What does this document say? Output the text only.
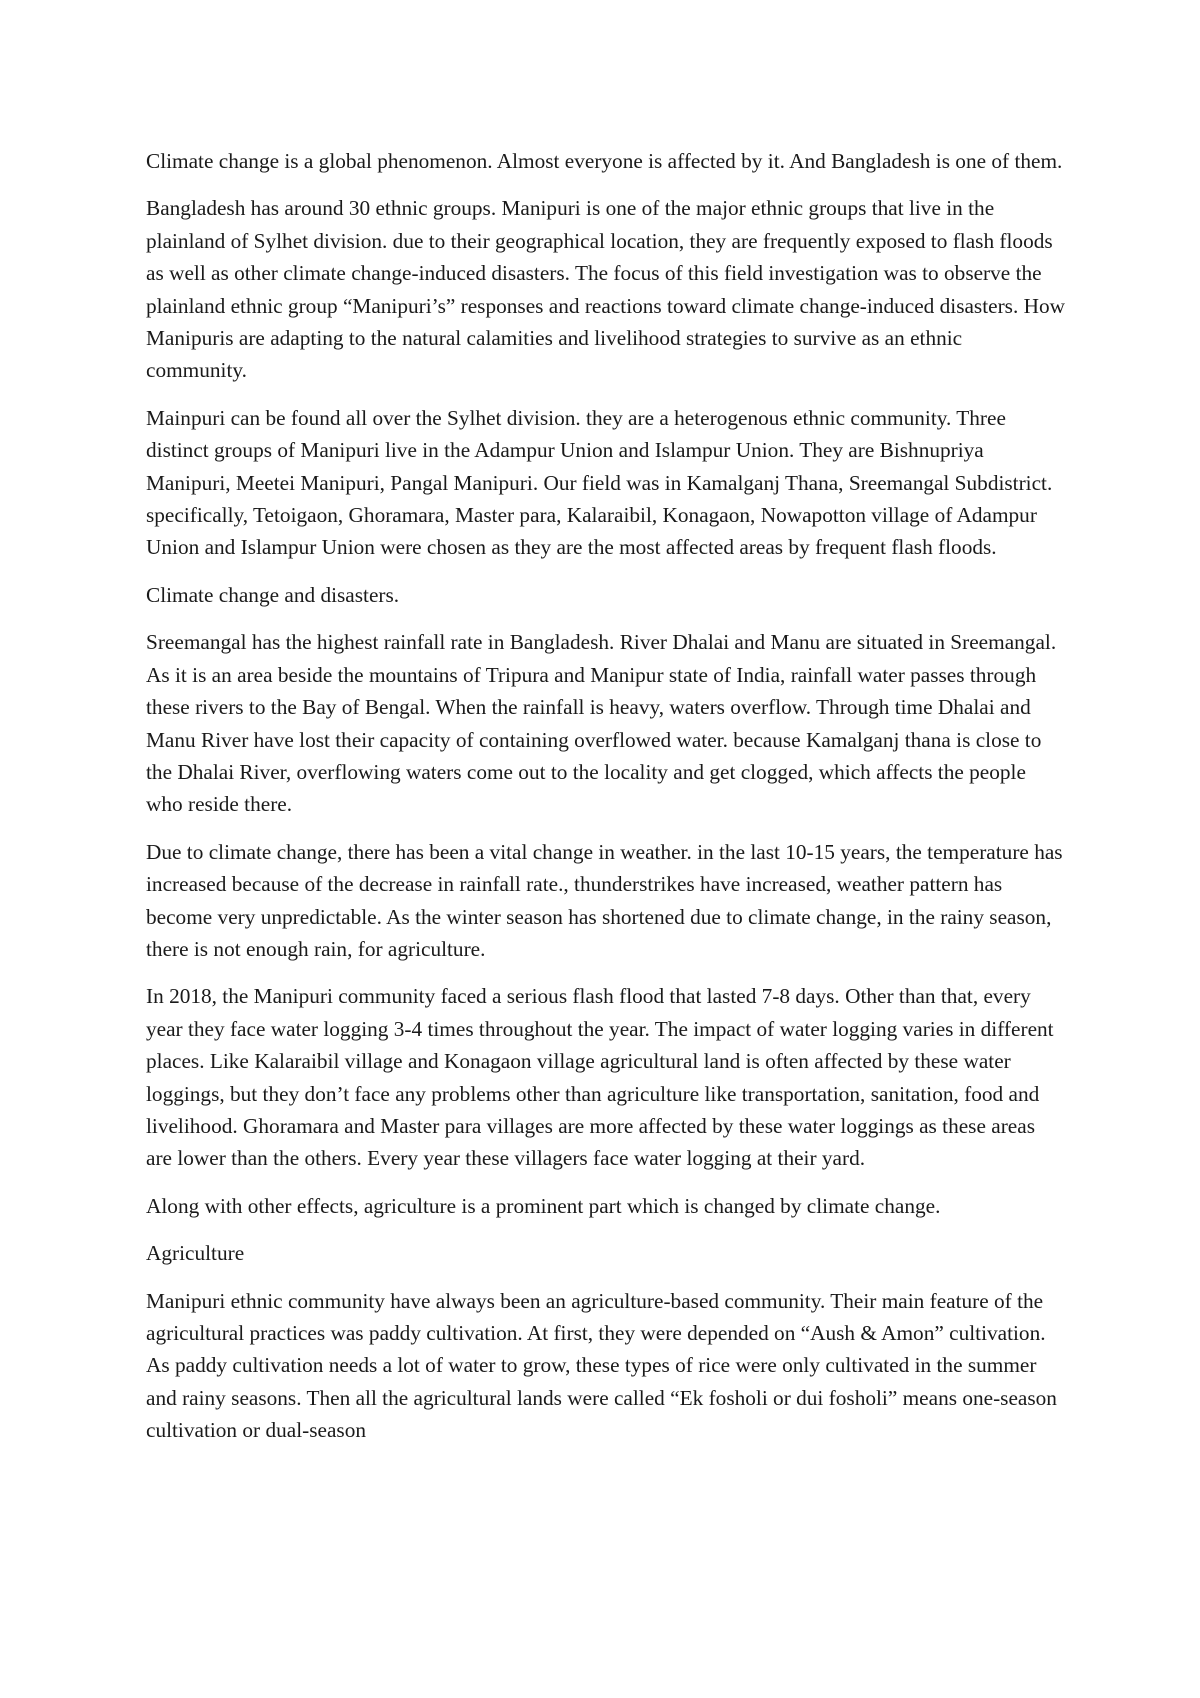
Climate change is a global phenomenon. Almost everyone is affected by it. And Bangladesh is one of them.

Bangladesh has around 30 ethnic groups. Manipuri is one of the major ethnic groups that live in the plainland of Sylhet division. due to their geographical location, they are frequently exposed to flash floods as well as other climate change-induced disasters. The focus of this field investigation was to observe the plainland ethnic group “Manipuri’s” responses and reactions toward climate change-induced disasters. How Manipuris are adapting to the natural calamities and livelihood strategies to survive as an ethnic community.

Mainpuri can be found all over the Sylhet division. they are a heterogenous ethnic community. Three distinct groups of Manipuri live in the Adampur Union and Islampur Union. They are Bishnupriya Manipuri, Meetei Manipuri, Pangal Manipuri. Our field was in Kamalganj Thana, Sreemangal Subdistrict. specifically, Tetoigaon, Ghoramara, Master para, Kalaraibil, Konagaon, Nowapotton village of Adampur Union and Islampur Union were chosen as they are the most affected areas by frequent flash floods.

Climate change and disasters.

Sreemangal has the highest rainfall rate in Bangladesh. River Dhalai and Manu are situated in Sreemangal. As it is an area beside the mountains of Tripura and Manipur state of India, rainfall water passes through these rivers to the Bay of Bengal. When the rainfall is heavy, waters overflow. Through time Dhalai and Manu River have lost their capacity of containing overflowed water. because Kamalganj thana is close to the Dhalai River, overflowing waters come out to the locality and get clogged, which affects the people who reside there.

Due to climate change, there has been a vital change in weather. in the last 10-15 years, the temperature has increased because of the decrease in rainfall rate., thunderstrikes have increased, weather pattern has become very unpredictable. As the winter season has shortened due to climate change, in the rainy season, there is not enough rain, for agriculture.

In 2018, the Manipuri community faced a serious flash flood that lasted 7-8 days. Other than that, every year they face water logging 3-4 times throughout the year. The impact of water logging varies in different places. Like Kalaraibil village and Konagaon village agricultural land is often affected by these water loggings, but they don’t face any problems other than agriculture like transportation, sanitation, food and livelihood. Ghoramara and Master para villages are more affected by these water loggings as these areas are lower than the others. Every year these villagers face water logging at their yard.

Along with other effects, agriculture is a prominent part which is changed by climate change.

Agriculture

Manipuri ethnic community have always been an agriculture-based community. Their main feature of the agricultural practices was paddy cultivation. At first, they were depended on “Aush & Amon” cultivation. As paddy cultivation needs a lot of water to grow, these types of rice were only cultivated in the summer and rainy seasons. Then all the agricultural lands were called “Ek fosholi or dui fosholi” means one-season cultivation or dual-season
